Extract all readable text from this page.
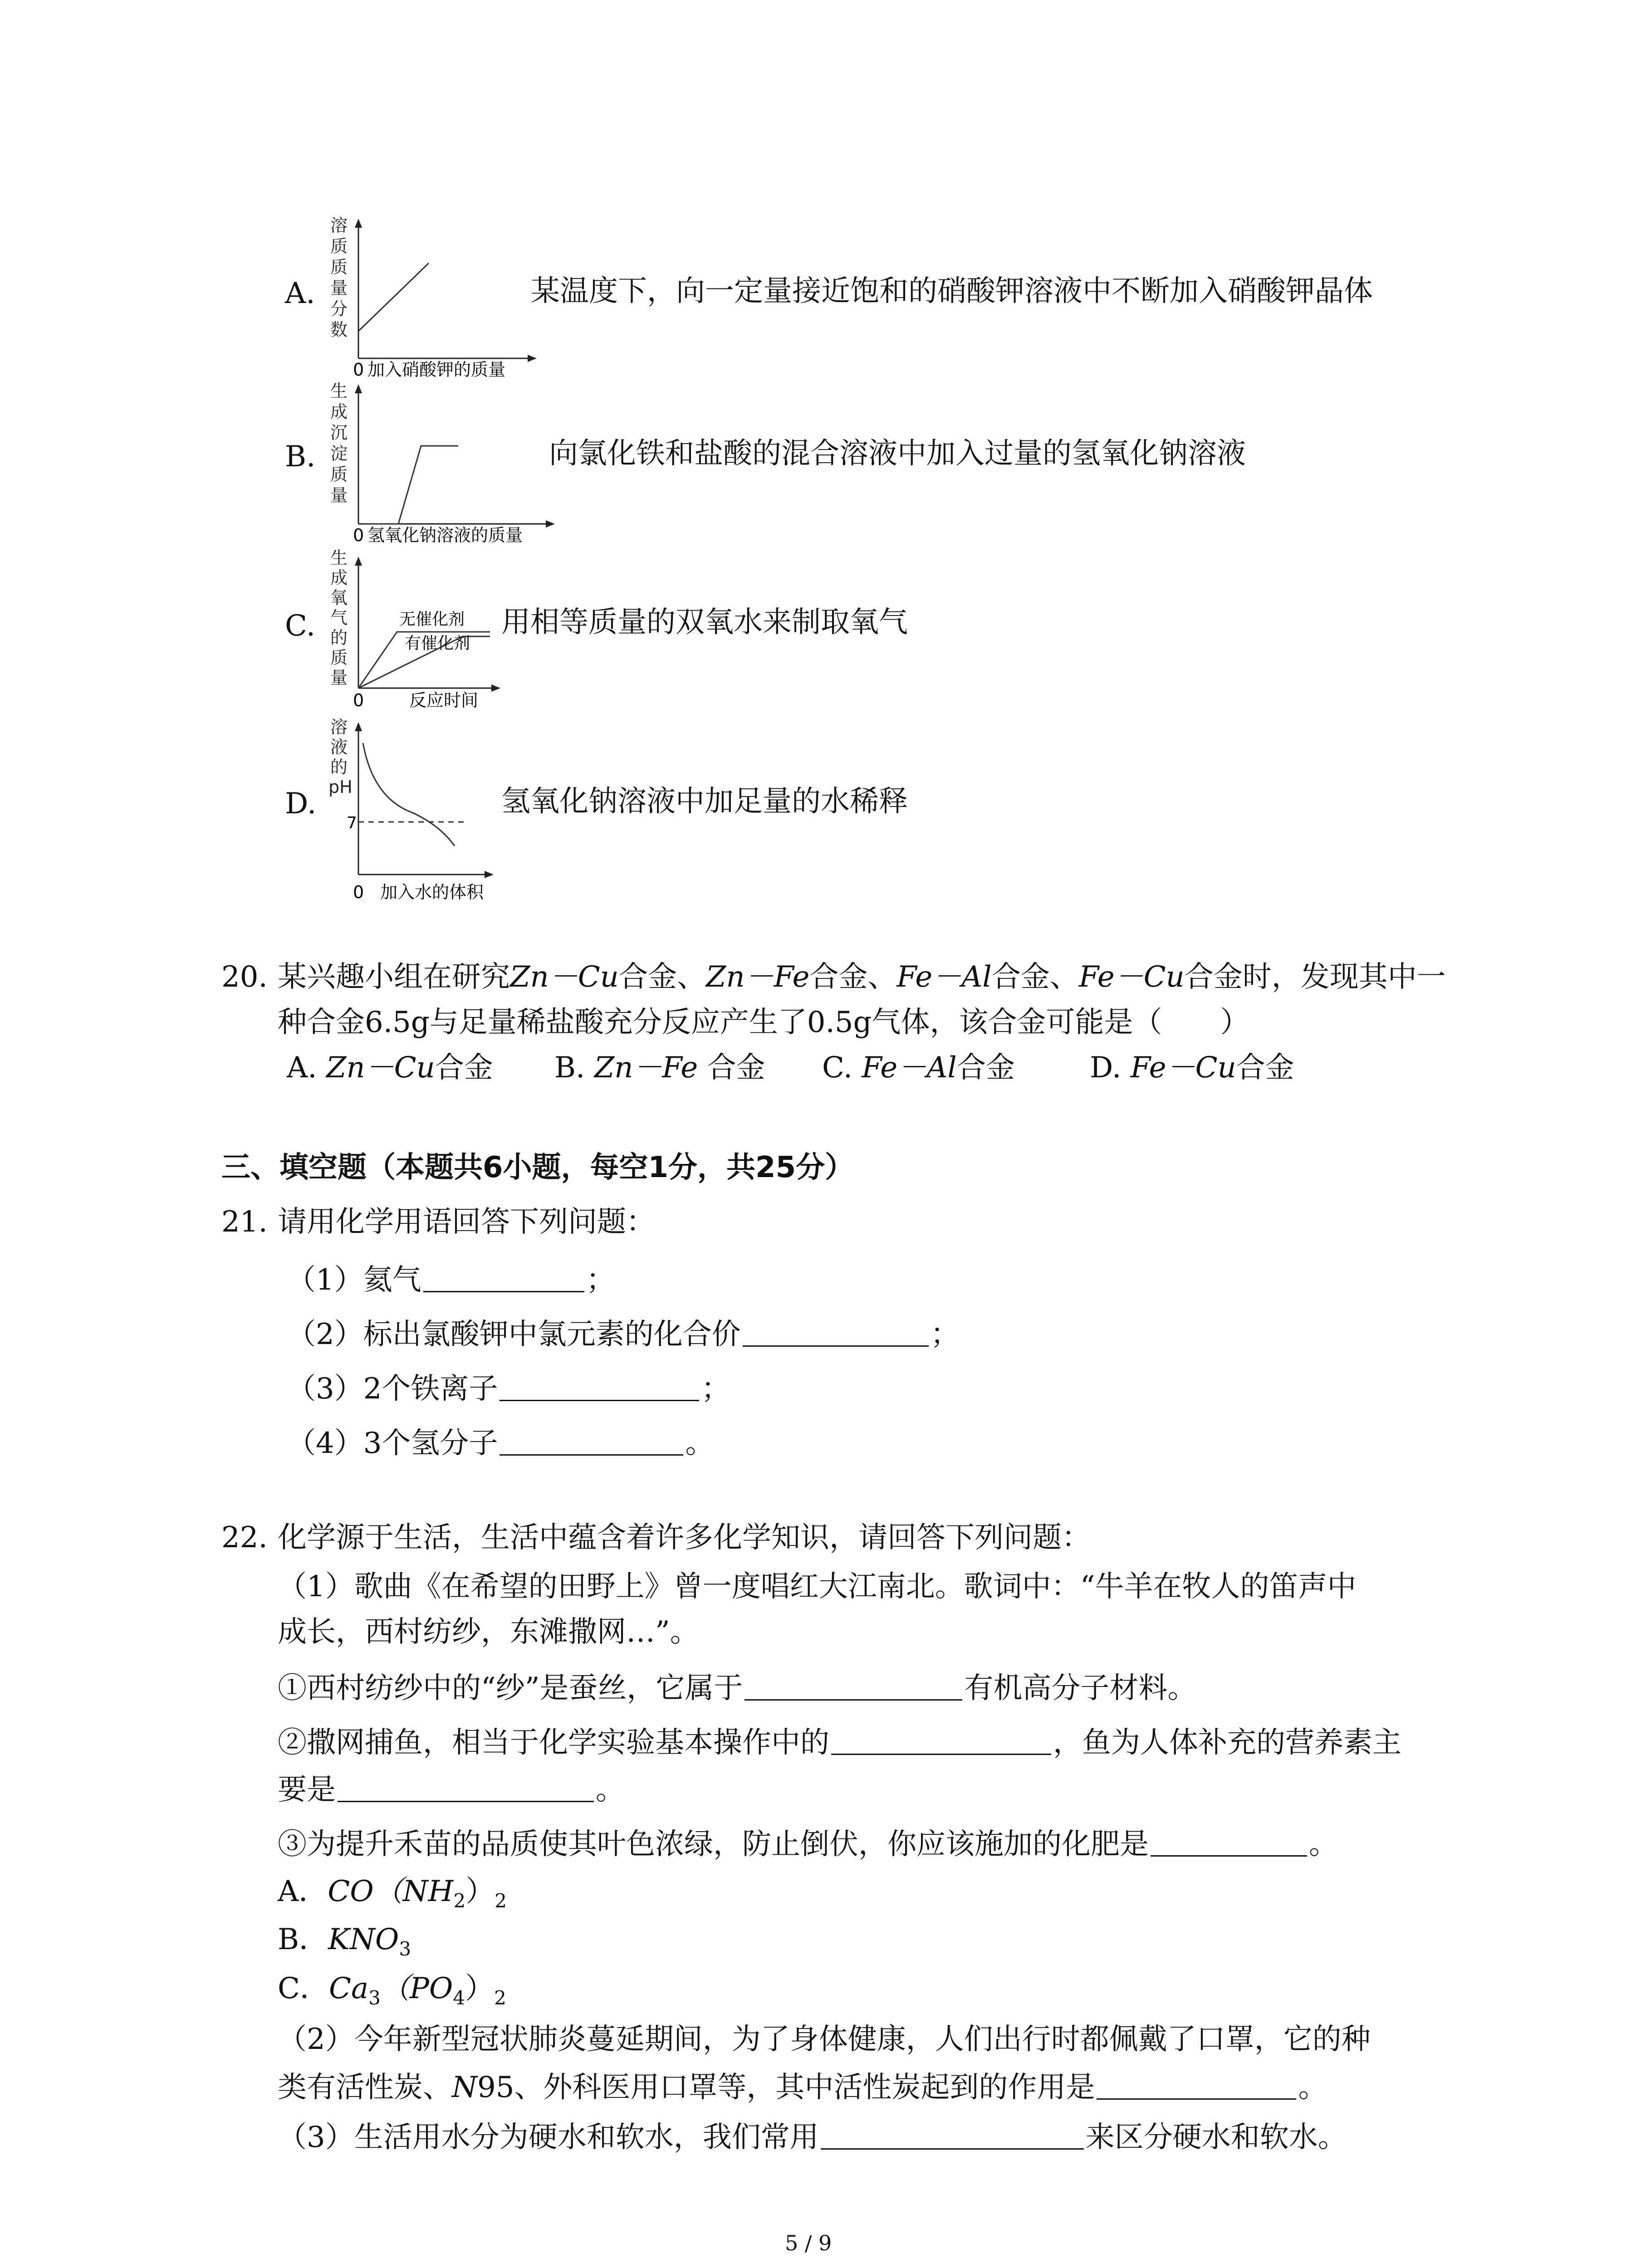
A.
溶
质
质
量
分
数
0 加入硝酸钾的质量
某温度下，向一定量接近饱和的硝酸钾溶液中不断加入硝酸钾晶体
B.
生
成
沉
淀
质
量
0 氢氧化钠溶液的质量
向氯化铁和盐酸的混合溶液中加入过量的氢氧化钠溶液
C.
生
成
氧
气
的
质
量
无催化剂
有催化剂
0	反应时间
用相等质量的双氧水来制取氧气
D.
溶
液
的
pH
7
0 加入水的体积
氢氧化钠溶液中加足量的水稀释
20. 某兴趣小组在研究Zn－Cu合金、Zn－Fe合金、Fe－Al合金、Fe－Cu合金时，发现其中一
种合金6.5g与足量稀盐酸充分反应产生了0.5g气体，该合金可能是（　　）
A. Zn－Cu合金 B. Zn－Fe 合金 C. Fe－Al合金	D. Fe－Cu合金
三、填空题（本题共6小题，每空1分，共25分）
21. 请用化学用语回答下列问题：
（1）氦气	；
（2）标出氯酸钾中氯元素的化合价	；
（3）2个铁离子	；
（4）3个氢分子	。
22. 化学源于生活，生活中蕴含着许多化学知识，请回答下列问题：
（1）歌曲《在希望的田野上》曾一度唱红大江南北。歌词中：“牛羊在牧人的笛声中
成长，西村纺纱，东滩撒网…”。
①西村纺纱中的“纱”是蚕丝，它属于	有机高分子材料。
②撒网捕鱼，相当于化学实验基本操作中的	，鱼为人体补充的营养素主
要是	。
③为提升禾苗的品质使其叶色浓绿，防止倒伏，你应该施加的化肥是	。
A．$CO(NH_2)_2$
B．$KNO_3$
C．$Ca_3(PO_4)_2$
（2）今年新型冠状肺炎蔓延期间，为了身体健康，人们出行时都佩戴了口罩，它的种
类有活性炭、N95、外科医用口罩等，其中活性炭起到的作用是	。
（3）生活用水分为硬水和软水，我们常用	来区分硬水和软水。
5 / 9
